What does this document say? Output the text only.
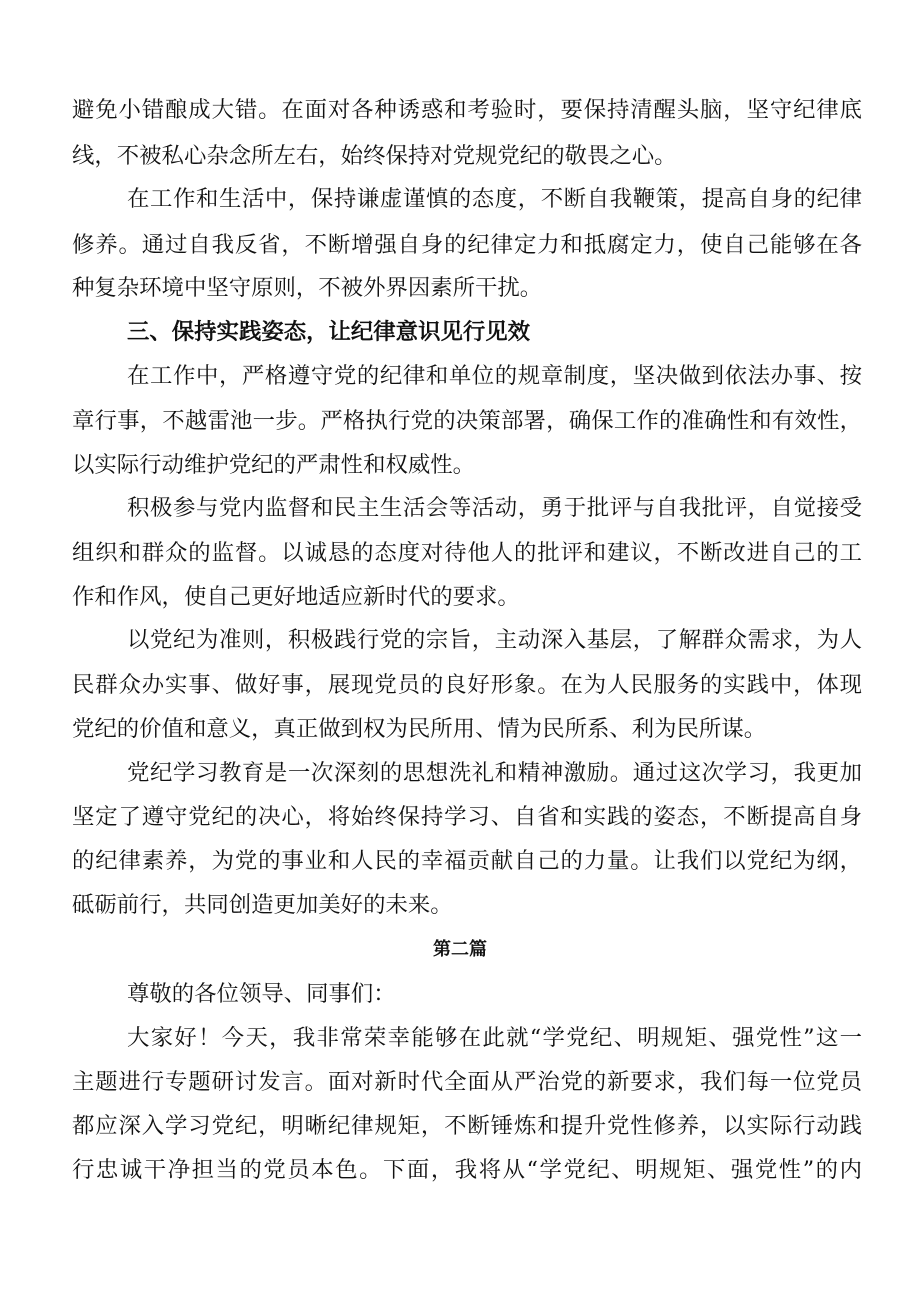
避免小错酿成大错。在面对各种诱惑和考验时，要保持清醒头脑，坚守纪律底
线，不被私心杂念所左右，始终保持对党规党纪的敬畏之心。
在工作和生活中，保持谦虚谨慎的态度，不断自我鞭策，提高自身的纪律
修养。通过自我反省，不断增强自身的纪律定力和抵腐定力，使自己能够在各
种复杂环境中坚守原则，不被外界因素所干扰。
三、保持实践姿态，让纪律意识见行见效
在工作中，严格遵守党的纪律和单位的规章制度，坚决做到依法办事、按
章行事，不越雷池一步。严格执行党的决策部署，确保工作的准确性和有效性，
以实际行动维护党纪的严肃性和权威性。
积极参与党内监督和民主生活会等活动，勇于批评与自我批评，自觉接受
组织和群众的监督。以诚恳的态度对待他人的批评和建议，不断改进自己的工
作和作风，使自己更好地适应新时代的要求。
以党纪为准则，积极践行党的宗旨，主动深入基层，了解群众需求，为人
民群众办实事、做好事，展现党员的良好形象。在为人民服务的实践中，体现
党纪的价值和意义，真正做到权为民所用、情为民所系、利为民所谋。
党纪学习教育是一次深刻的思想洗礼和精神激励。通过这次学习，我更加
坚定了遵守党纪的决心，将始终保持学习、自省和实践的姿态，不断提高自身
的纪律素养，为党的事业和人民的幸福贡献自己的力量。让我们以党纪为纲，
砥砺前行，共同创造更加美好的未来。
第二篇
尊敬的各位领导、同事们：
大家好！今天，我非常荣幸能够在此就“学党纪、明规矩、强党性”这一
主题进行专题研讨发言。面对新时代全面从严治党的新要求，我们每一位党员
都应深入学习党纪，明晰纪律规矩，不断锤炼和提升党性修养，以实际行动践
行忠诚干净担当的党员本色。下面，我将从“学党纪、明规矩、强党性”的内
